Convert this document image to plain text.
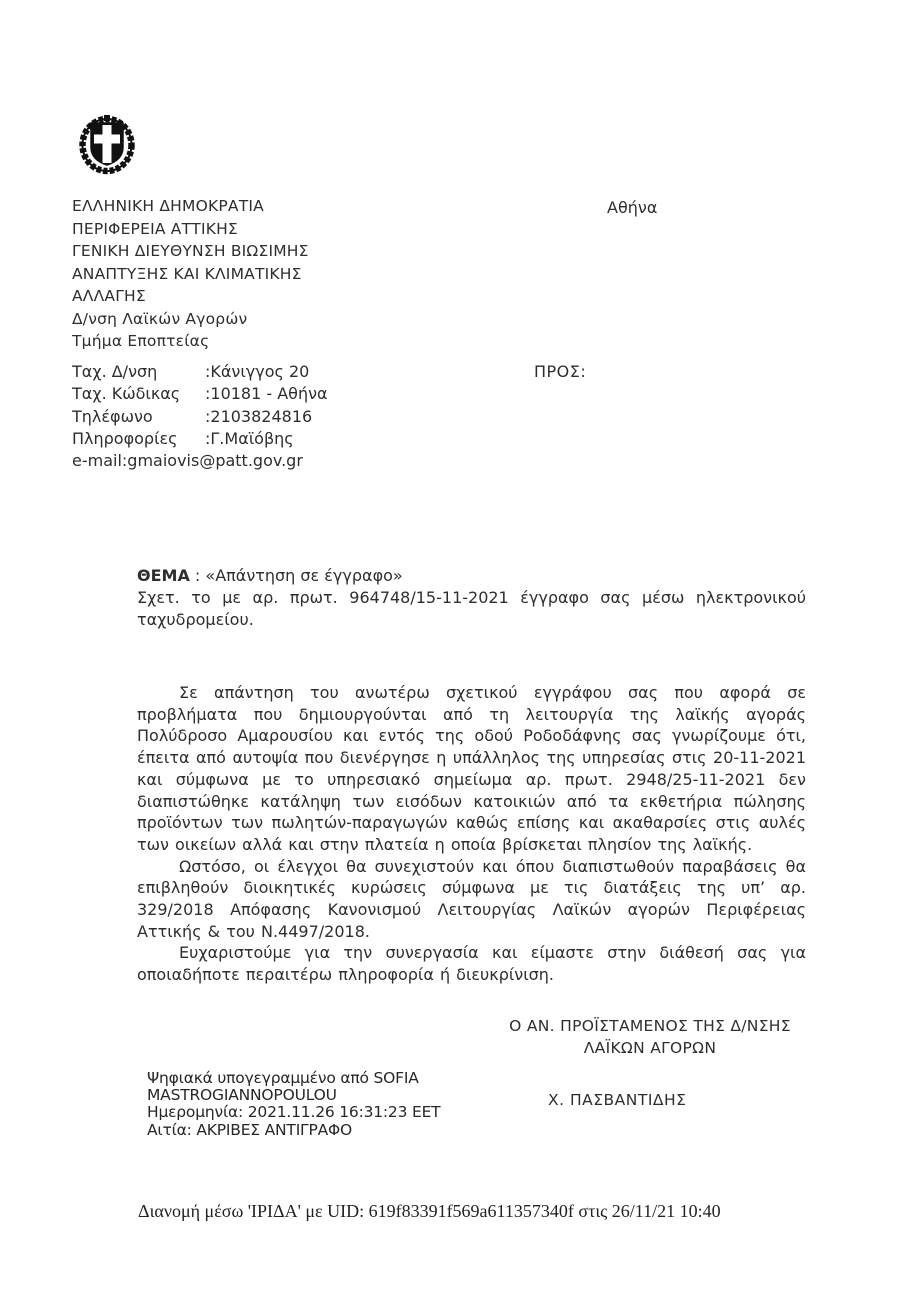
ΕΛΛΗΝΙΚΗ ΔΗΜΟΚΡΑΤΙΑ
ΠΕΡΙΦΕΡΕΙΑ ΑΤΤΙΚΗΣ
ΓΕΝΙΚΗ ΔΙΕΥΘΥΝΣΗ ΒΙΩΣΙΜΗΣ
ΑΝΑΠΤΥΞΗΣ ΚΑΙ ΚΛΙΜΑΤΙΚΗΣ
ΑΛΛΑΓΗΣ
Δ/νση Λαϊκών Αγορών
Τμήμα Εποπτείας
Αθήνα
Ταχ. Δ/νση	:Κάνιγγος 20
Ταχ. Κώδικας	:10181 - Αθήνα
Τηλέφωνο	:2103824816
Πληροφορίες	:Γ.Μαϊόβης
e-mail:gmaiovis@patt.gov.gr
ΠΡΟΣ:
ΘΕΜΑ : «Απάντηση σε έγγραφο»

Σχετ. το με αρ. πρωτ. 964748/15-11-2021 έγγραφο σας μέσω ηλεκτρονικού ταχυδρομείου.

Σε απάντηση του ανωτέρω σχετικού εγγράφου σας που αφορά σε προβλήματα που δημιουργούνται από τη λειτουργία της λαϊκής αγοράς Πολύδροσο Αμαρουσίου και εντός της οδού Ροδοδάφνης σας γνωρίζουμε ότι, έπειτα από αυτοψία που διενέργησε η υπάλληλος της υπηρεσίας στις 20-11-2021 και σύμφωνα με το υπηρεσιακό σημείωμα αρ. πρωτ. 2948/25-11-2021 δεν διαπιστώθηκε κατάληψη των εισόδων κατοικιών από τα εκθετήρια πώλησης προϊόντων των πωλητών-παραγωγών καθώς επίσης και ακαθαρσίες στις αυλές των οικείων αλλά και στην πλατεία η οποία βρίσκεται πλησίον της λαϊκής.

Ωστόσο, οι έλεγχοι θα συνεχιστούν και όπου διαπιστωθούν παραβάσεις θα επιβληθούν διοικητικές κυρώσεις σύμφωνα με τις διατάξεις της υπ’ αρ. 329/2018 Απόφασης Κανονισμού Λειτουργίας Λαϊκών αγορών Περιφέρειας Αττικής & του Ν.4497/2018.

Ευχαριστούμε για την συνεργασία και είμαστε στην διάθεσή σας για οποιαδήποτε περαιτέρω πληροφορία ή διευκρίνιση.

Ο ΑΝ. ΠΡΟΪΣΤΑΜΕΝΟΣ ΤΗΣ Δ/ΝΣΗΣ
ΛΑΪΚΩΝ ΑΓΟΡΩΝ
Χ. ΠΑΣΒΑΝΤΙΔΗΣ
Ψηφιακά υπογεγραμμένο από SOFIA
MASTROGIANNOPOULOU
Ημερομηνία: 2021.11.26 16:31:23 EET
Αιτία: ΑΚΡΙΒΕΣ ΑΝΤΙΓΡΑΦΟ
Διανομή μέσω 'ΙΡΙΔΑ' με UID: 619f83391f569a611357340f στις 26/11/21 10:40
